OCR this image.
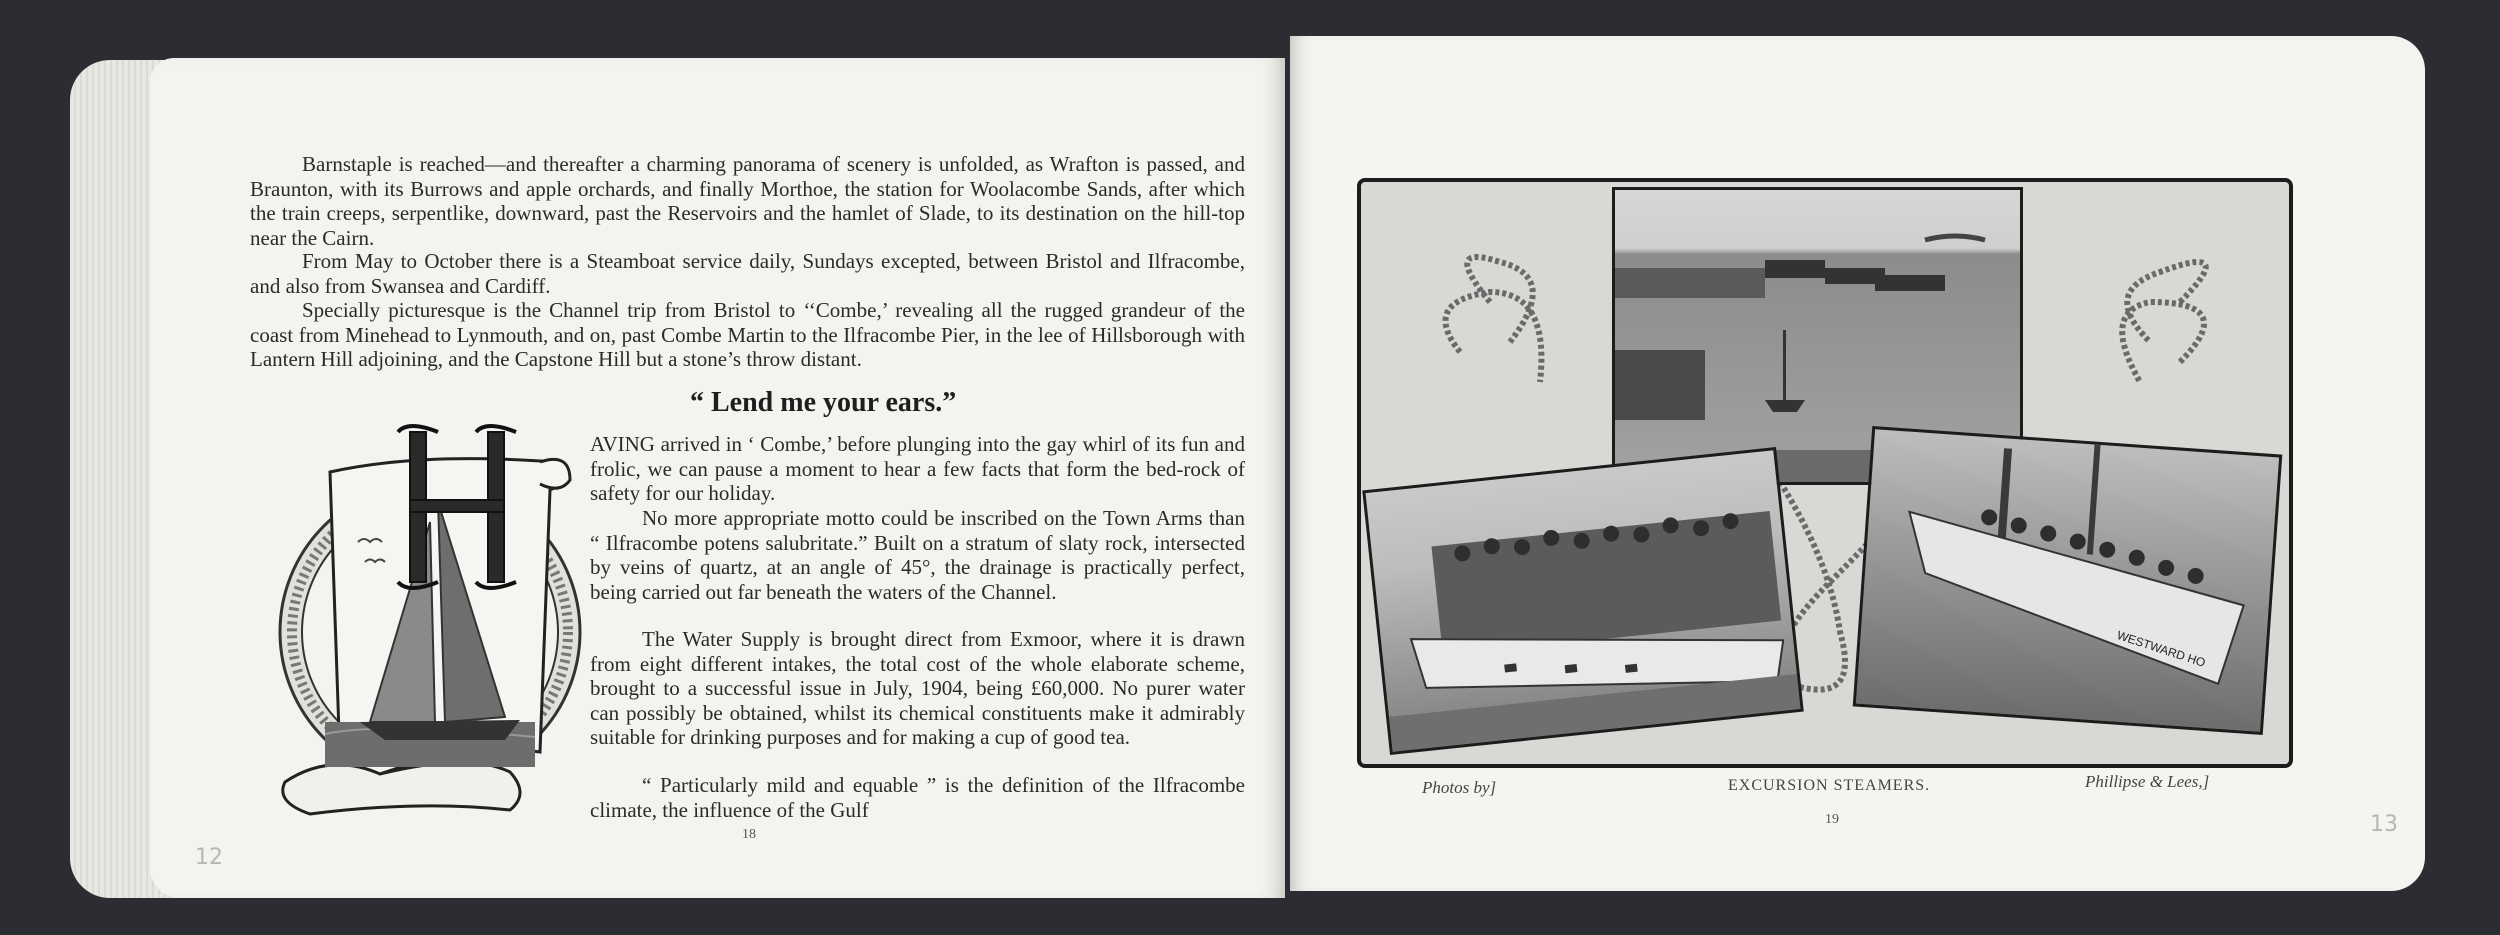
Barnstaple is reached—and thereafter a charming panorama of scenery is unfolded, as Wrafton is passed, and Braunton, with its Burrows and apple orchards, and finally Morthoe, the station for Woolacombe Sands, after which the train creeps, serpentlike, downward, past the Reservoirs and the hamlet of Slade, to its destination on the hill-top near the Cairn.

From May to October there is a Steamboat service daily, Sundays excepted, between Bristol and Ilfracombe, and also from Swansea and Cardiff.

Specially picturesque is the Channel trip from Bristol to ‘‘Combe,’ revealing all the rugged grandeur of the coast from Minehead to Lynmouth, and on, past Combe Martin to the Ilfracombe Pier, in the lee of Hillsborough with Lantern Hill adjoining, and the Capstone Hill but a stone’s throw distant.

“ Lend me your ears.”
H

AVING arrived in ‘ Combe,’ before plunging into the gay whirl of its fun and frolic, we can pause a moment to hear a few facts that form the bed-rock of safety for our holiday.

No more appropriate motto could be inscribed on the Town Arms than “ Ilfracombe potens salubritate.” Built on a stratum of slaty rock, intersected by veins of quartz, at an angle of 45°, the drainage is practically perfect, being carried out far beneath the waters of the Channel.

The Water Supply is brought direct from Exmoor, where it is drawn from eight different intakes, the total cost of the whole elaborate scheme, brought to a successful issue in July, 1904, being £60,000. No purer water can possibly be obtained, whilst its chemical constituents make it admirably suitable for drinking purposes and for making a cup of good tea.

“ Particularly mild and equable ” is the definition of the Ilfracombe climate, the influence of the Gulf

18
12
WESTWARD HO
Photos by]	EXCURSION STEAMERS.	Phillipse & Lees,]
19	13
